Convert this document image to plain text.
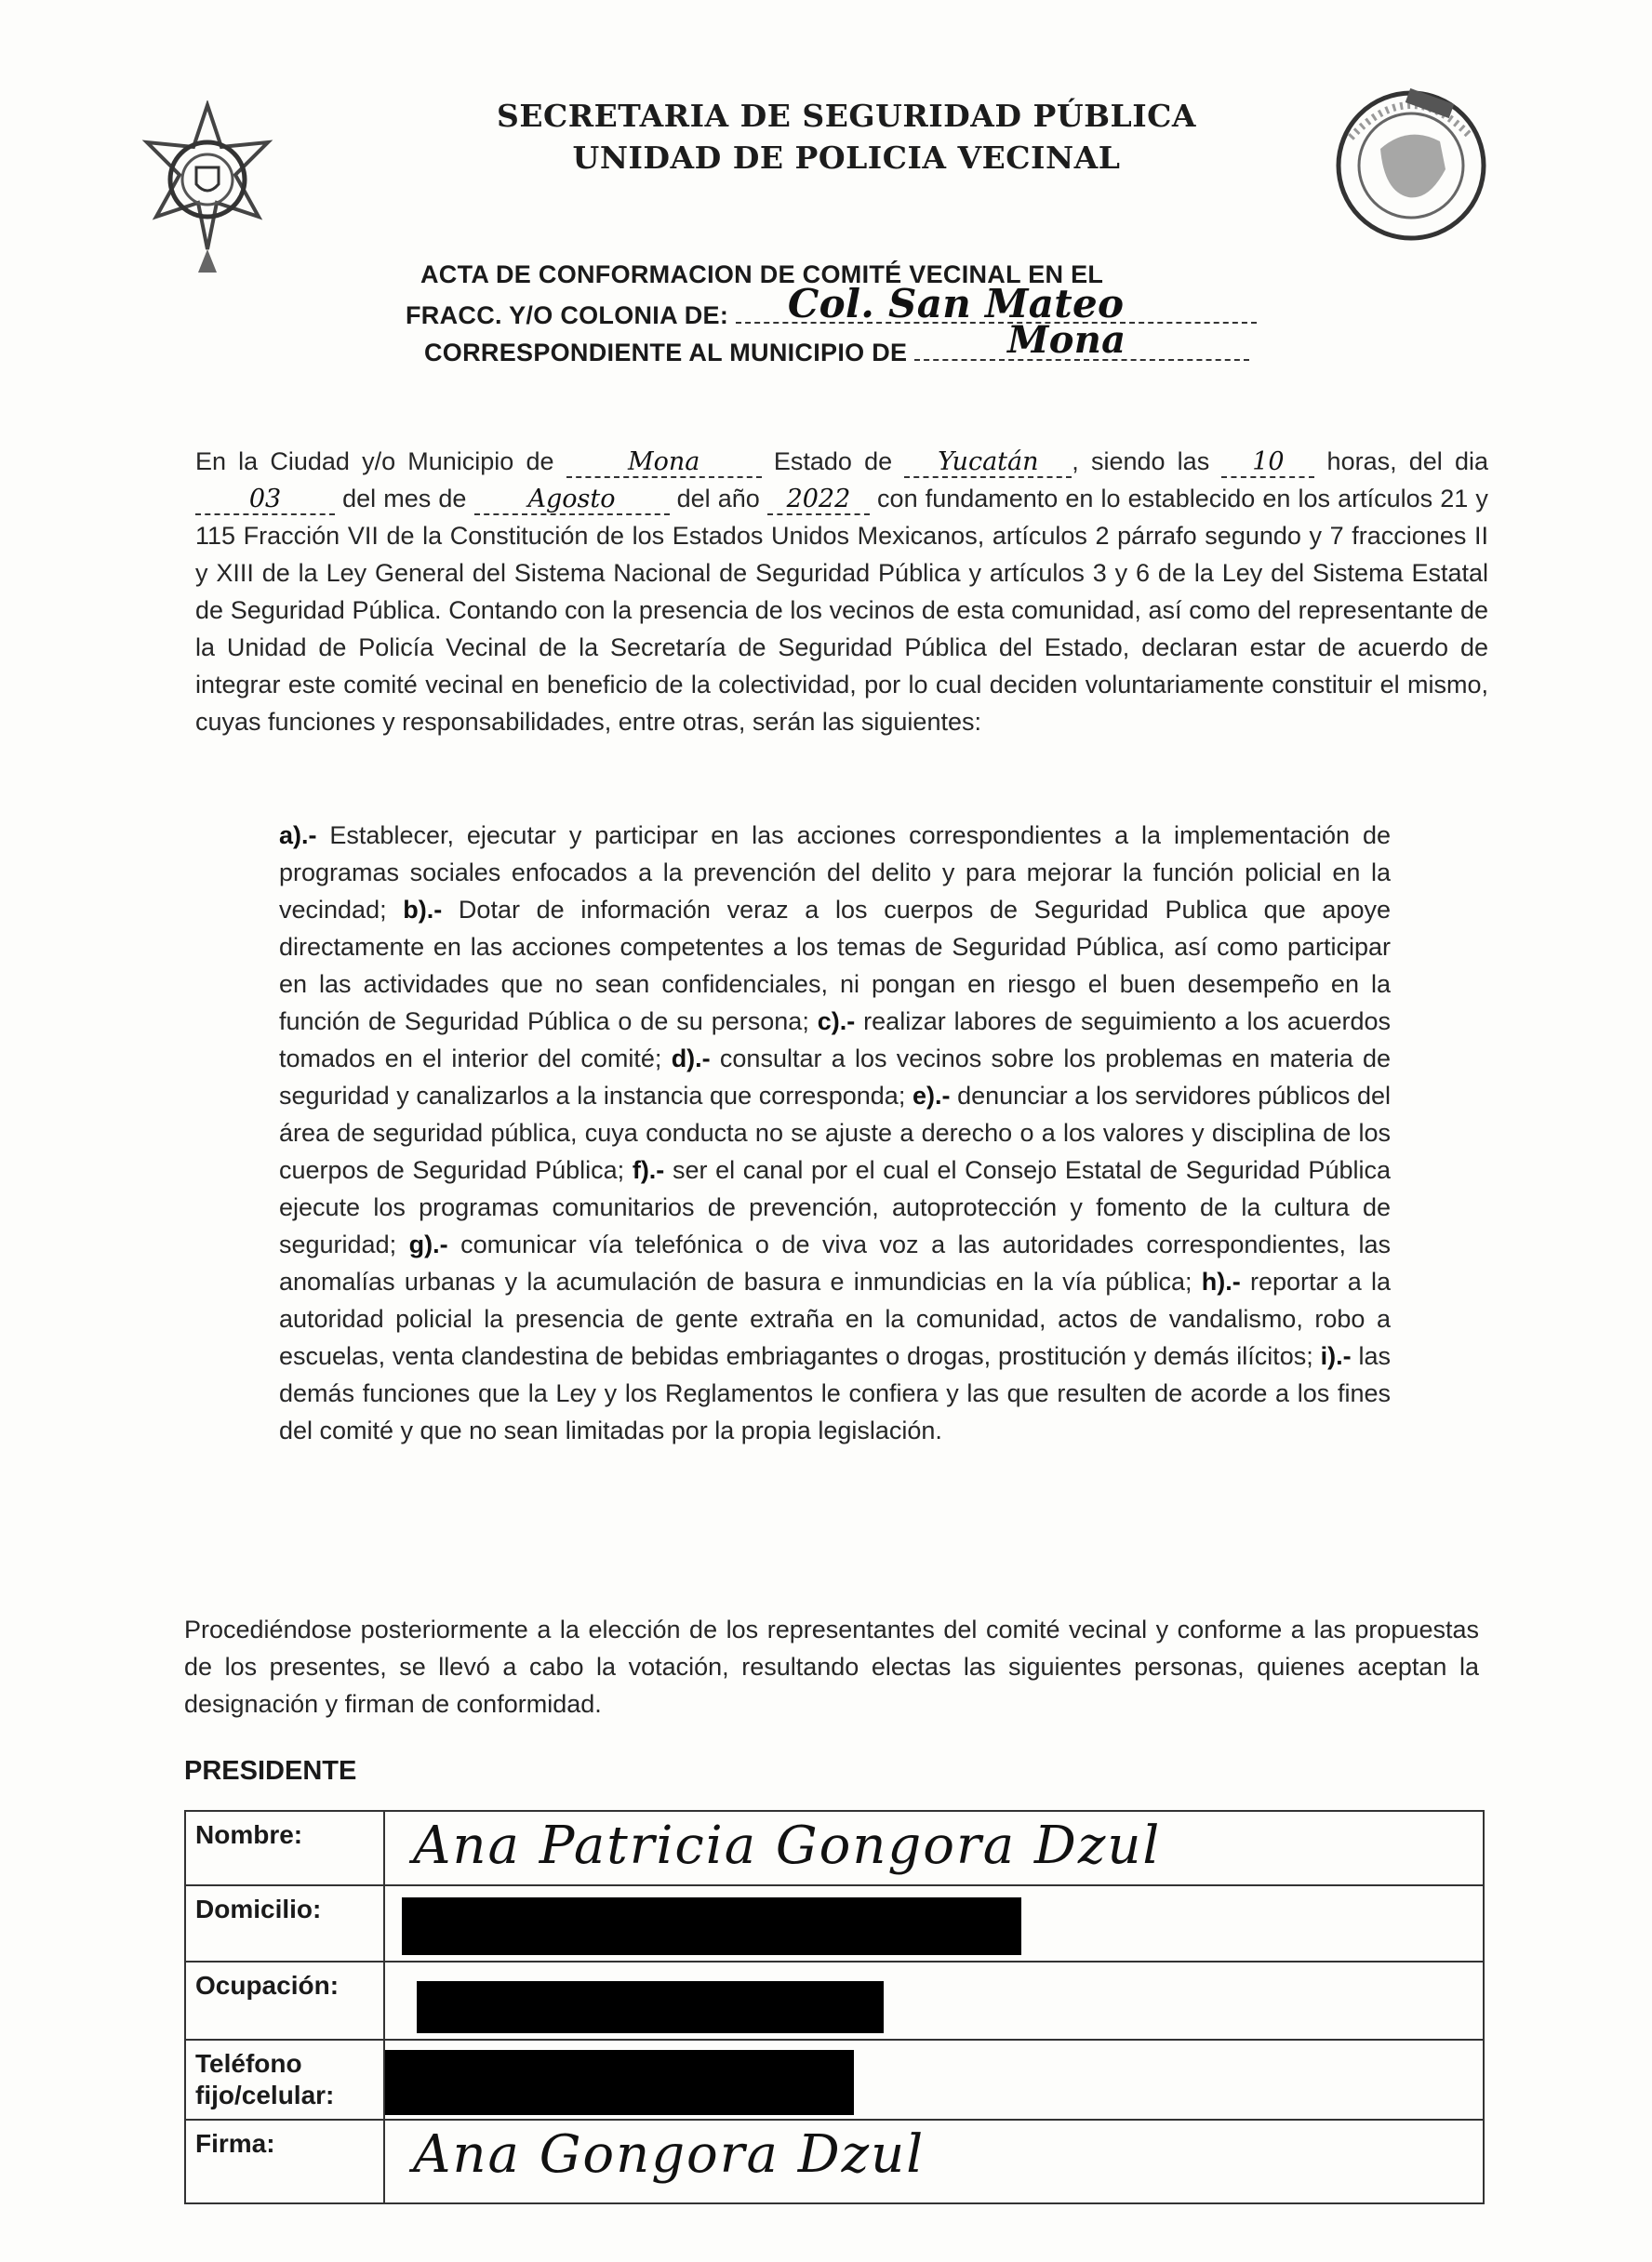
SECRETARIA DE SEGURIDAD PÚBLICA
UNIDAD DE POLICIA VECINAL
ACTA DE CONFORMACION DE COMITÉ VECINAL EN EL
FRACC. Y/O COLONIA DE: Col. San Mateo
CORRESPONDIENTE AL MUNICIPIO DE	Mona

En la Ciudad y/o Municipio de	Mona	Estado de Yucatán , siendo las 10 horas, del dia 03 del mes de Agosto del año 2022 con fundamento en lo establecido en los artículos 21 y 115 Fracción VII de la Constitución de los Estados Unidos Mexicanos, artículos 2 párrafo segundo y 7 fracciones II y XIII de la Ley General del Sistema Nacional de Seguridad Pública y artículos 3 y 6 de la Ley del Sistema Estatal de Seguridad Pública. Contando con la presencia de los vecinos de esta comunidad, así como del representante de la Unidad de Policía Vecinal de la Secretaría de Seguridad Pública del Estado, declaran estar de acuerdo de integrar este comité vecinal en beneficio de la colectividad, por lo cual deciden voluntariamente constituir el mismo, cuyas funciones y responsabilidades, entre otras, serán las siguientes:

a).- Establecer, ejecutar y participar en las acciones correspondientes a la implementación de programas sociales enfocados a la prevención del delito y para mejorar la función policial en la vecindad; b).- Dotar de información veraz a los cuerpos de Seguridad Publica que apoye directamente en las acciones competentes a los temas de Seguridad Pública, así como participar en las actividades que no sean confidenciales, ni pongan en riesgo el buen desempeño en la función de Seguridad Pública o de su persona; c).- realizar labores de seguimiento a los acuerdos tomados en el interior del comité; d).- consultar a los vecinos sobre los problemas en materia de seguridad y canalizarlos a la instancia que corresponda; e).- denunciar a los servidores públicos del área de seguridad pública, cuya conducta no se ajuste a derecho o a los valores y disciplina de los cuerpos de Seguridad Pública; f).- ser el canal por el cual el Consejo Estatal de Seguridad Pública ejecute los programas comunitarios de prevención, autoprotección y fomento de la cultura de seguridad; g).- comunicar vía telefónica o de viva voz a las autoridades correspondientes, las anomalías urbanas y la acumulación de basura e inmundicias en la vía pública; h).- reportar a la autoridad policial la presencia de gente extraña en la comunidad, actos de vandalismo, robo a escuelas, venta clandestina de bebidas embriagantes o drogas, prostitución y demás ilícitos; i).- las demás funciones que la Ley y los Reglamentos le confiera y las que resulten de acorde a los fines del comité y que no sean limitadas por la propia legislación.

Procediéndose posteriormente a la elección de los representantes del comité vecinal y conforme a las propuestas de los presentes, se llevó a cabo la votación, resultando electas las siguientes personas, quienes aceptan la designación y firman de conformidad.

PRESIDENTE
Nombre:	Ana Patricia Gongora Dzul

Domicilio:	

Ocupación:	

Teléfono fijo/celular:	

Firma:	Ana Gongora Dzul
